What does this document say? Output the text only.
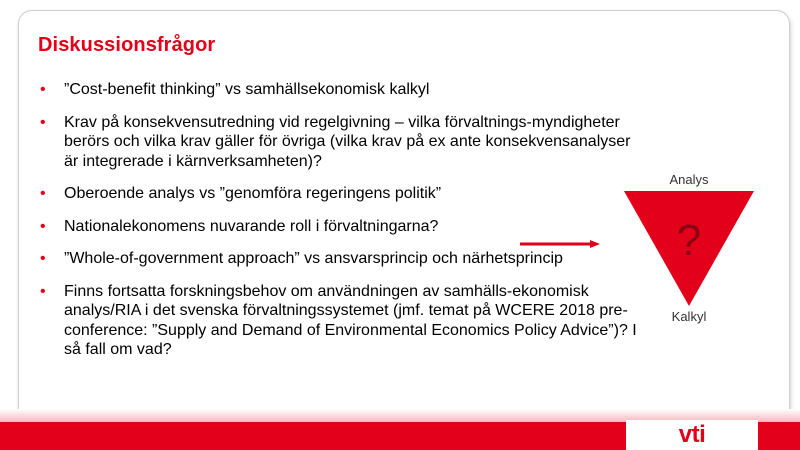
Diskussionsfrågor
• ”Cost-benefit thinking” vs samhällsekonomisk kalkyl
• Krav på konsekvensutredning vid regelgivning – vilka förvaltnings-myndigheter berörs och vilka krav gäller för övriga (vilka krav på ex ante konsekvensanalyser är integrerade i kärnverksamheten)?
• Oberoende analys vs ”genomföra regeringens politik”
• Nationalekonomens nuvarande roll i förvaltningarna?
• ”Whole-of-government approach” vs ansvarsprincip och närhetsprincip
• Finns fortsatta forskningsbehov om användningen av samhälls-ekonomisk analys/RIA i det svenska förvaltningssystemet (jmf. temat på WCERE 2018 pre-conference: ”Supply and Demand of Environmental Economics Policy Advice”)? I så fall om vad?
Analys
?
Kalkyl
vti
